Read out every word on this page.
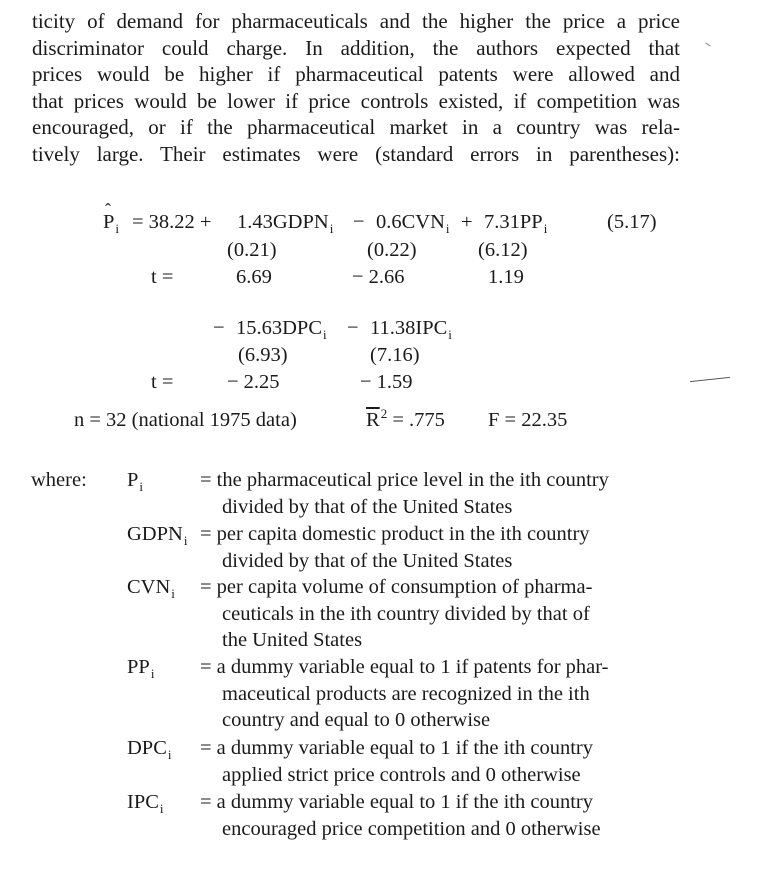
ticity of demand for pharmaceuticals and the higher the price a price
discriminator could charge. In addition, the authors expected that
prices would be higher if pharmaceutical patents were allowed and
that prices would be lower if price controls existed, if competition was
encouraged, or if the pharmaceutical market in a country was rela-
tively large. Their estimates were (standard errors in parentheses):
ˆ $P_i = 38.22$ + $1.43GDPN_i - 0.6CVN_i + 7.31PP_i$	(5.17)
(0.21)	(0.22)	(6.12)
t =	6.69	− 2.66	1.19
− $15.63DPC_i - 11.38IPC_i$
(6.93)	(7.16)
t =	− 2.25	− 1.59
n = 32 (national 1975 data)	$\overline{R}^2 = .775$ F = 22.35
where: $P_i$	= the pharmaceutical price level in the ith country
divided by that of the United States
$GDPN_i$ = per capita domestic product in the ith country
divided by that of the United States
$CVN_i$ = per capita volume of consumption of pharma-
ceuticals in the ith country divided by that of
the United States
$PP_i = a$ dummy variable equal to 1 if patents for phar-
maceutical products are recognized in the ith
country and equal to 0 otherwise
$DPC_i = a$ dummy variable equal to 1 if the ith country
applied strict price controls and 0 otherwise
$IPC_i = a$ dummy variable equal to 1 if the ith country
encouraged price competition and 0 otherwise
